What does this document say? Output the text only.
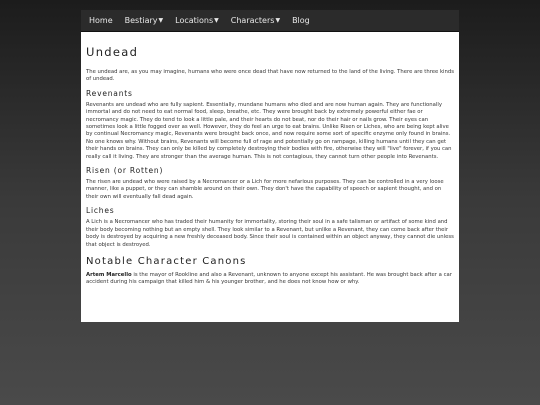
Home Bestiary ▼ Locations ▼ Characters ▼ Blog
Undead

The undead are, as you may imagine, humans who were once dead that have now returned to the land of the living. There are three kinds of undead.

Revenants

Revenants are undead who are fully sapient. Essentially, mundane humans who died and are now human again. They are functionally immortal and do not need to eat normal food, sleep, breathe, etc. They were brought back by extremely powerful either fae or necromancy magic. They do tend to look a little pale, and their hearts do not beat, nor do their hair or nails grow. Their eyes can sometimes look a little fogged over as well. However, they do feel an urge to eat brains. Unlike Risen or Liches, who are being kept alive by continual Necromancy magic, Revenants were brought back once, and now require some sort of specific enzyme only found in brains. No one knows why. Without brains, Revenants will become full of rage and potentially go on rampage, killing humans until they can get their hands on brains. They can only be killed by completely destroying their bodies with fire, otherwise they will "live" forever, if you can really call it living. They are stronger than the average human. This is not contagious, they cannot turn other people into Revenants.

Risen (or Rotten)

The risen are undead who were raised by a Necromancer or a Lich for more nefarious purposes. They can be controlled in a very loose manner, like a puppet, or they can shamble around on their own. They don't have the capability of speech or sapient thought, and on their own will eventually fall dead again.

Liches

A Lich is a Necromancer who has traded their humanity for immortality, storing their soul in a safe talisman or artifact of some kind and their body becoming nothing but an empty shell. They look similar to a Revenant, but unlike a Revenant, they can come back after their body is destroyed by acquiring a new freshly deceased body. Since their soul is contained within an object anyway, they cannot die unless that object is destroyed.

Notable Character Canons

Artem Marcello is the mayor of Rookline and also a Revenant, unknown to anyone except his assistant. He was brought back after a car accident during his campaign that killed him & his younger brother, and he does not know how or why.
